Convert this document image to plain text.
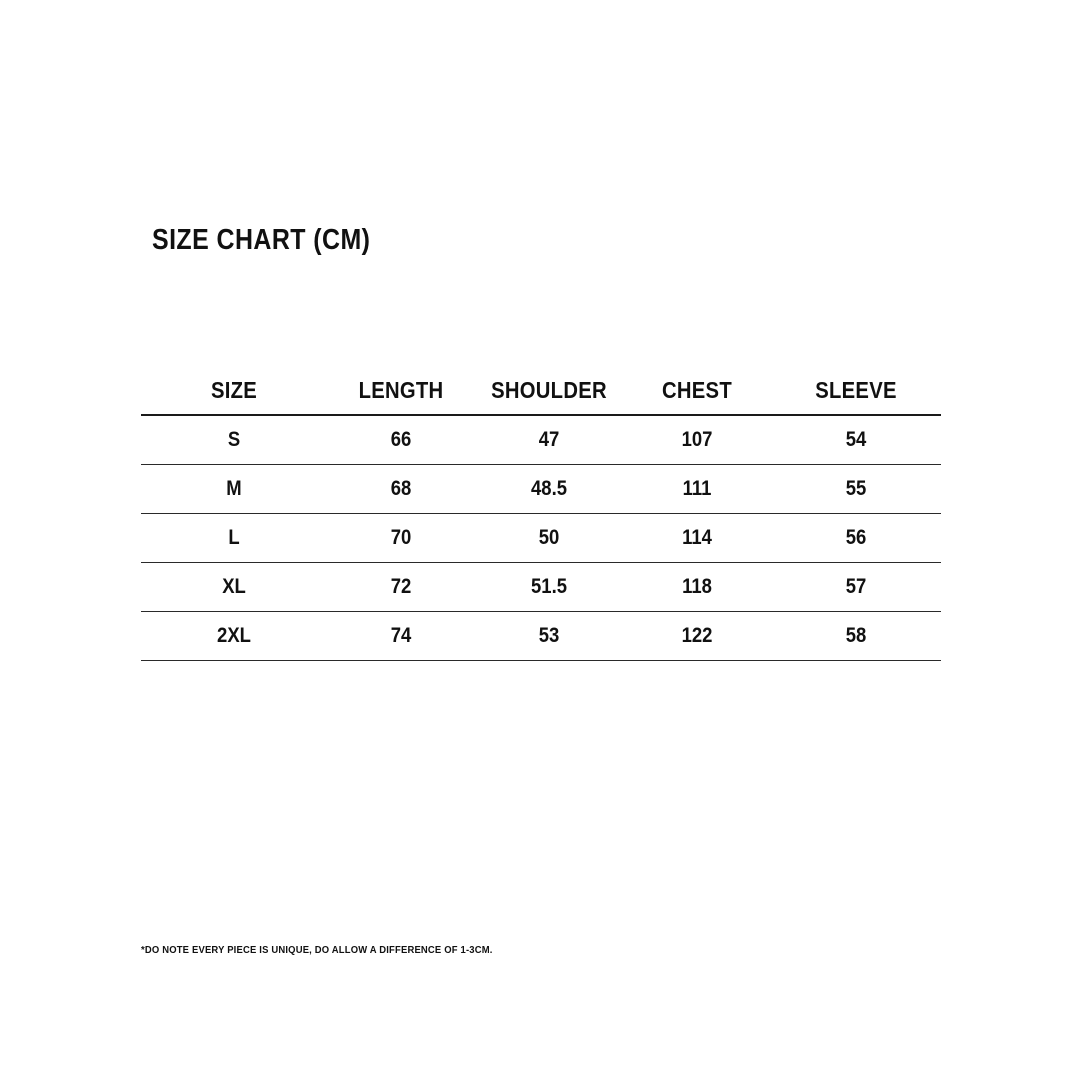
SIZE CHART (CM)
SIZE	LENGTH	SHOULDER	CHEST	SLEEVE
S	66	47	107	54
M	68	48.5	111	55
L	70	50	114	56
XL	72	51.5	118	57
2XL	74	53	122	58
*DO NOTE EVERY PIECE IS UNIQUE, DO ALLOW A DIFFERENCE OF 1-3CM.
